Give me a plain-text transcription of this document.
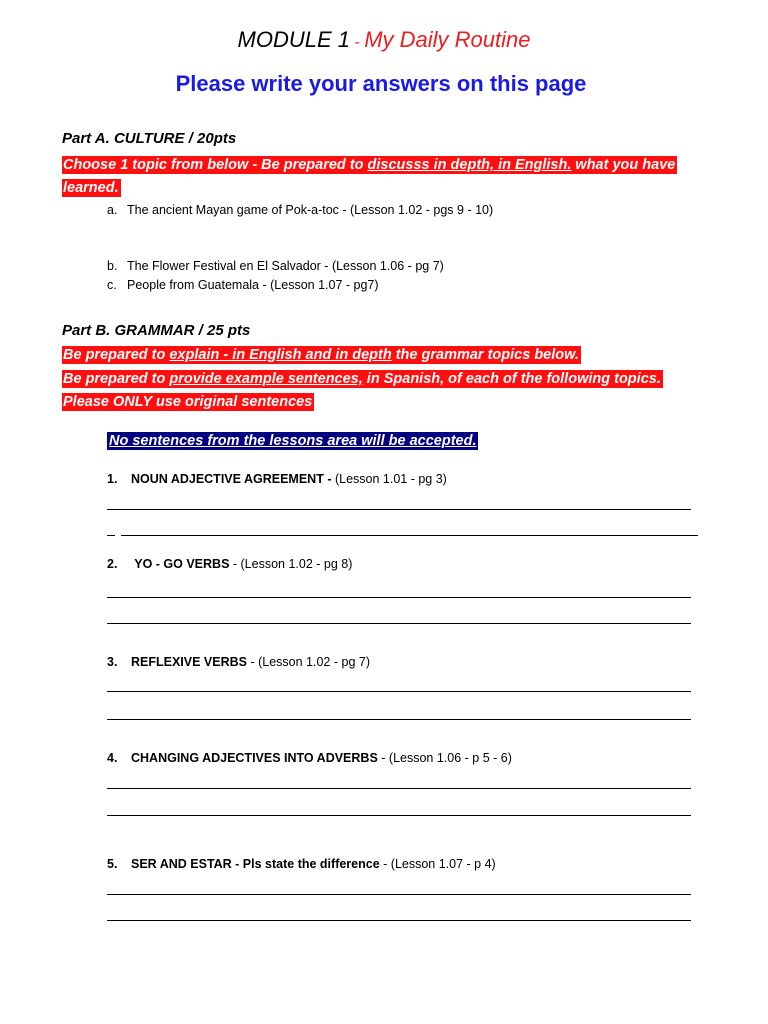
MODULE 1 - My Daily Routine
Please write your answers on this page
Part A. CULTURE / 20pts
Choose 1 topic from below - Be prepared to discusss in depth, in English. what you have
learned.
a. The ancient Mayan game of Pok-a-toc - (Lesson 1.02 - pgs 9 - 10)
b. The Flower Festival en El Salvador - (Lesson 1.06 - pg 7)
c. People from Guatemala - (Lesson 1.07 - pg7)
Part B. GRAMMAR / 25 pts
Be prepared to explain - in English and in depth the grammar topics below.
Be prepared to provide example sentences, in Spanish, of each of the following topics.
Please ONLY use original sentences
No sentences from the lessons area will be accepted.
1. NOUN ADJECTIVE AGREEMENT - (Lesson 1.01 - pg 3)
2. YO - GO VERBS - (Lesson 1.02 - pg 8)
3. REFLEXIVE VERBS - (Lesson 1.02 - pg 7)
4. CHANGING ADJECTIVES INTO ADVERBS - (Lesson 1.06 - p 5 - 6)
5. SER AND ESTAR - Pls state the difference - (Lesson 1.07 - p 4)
